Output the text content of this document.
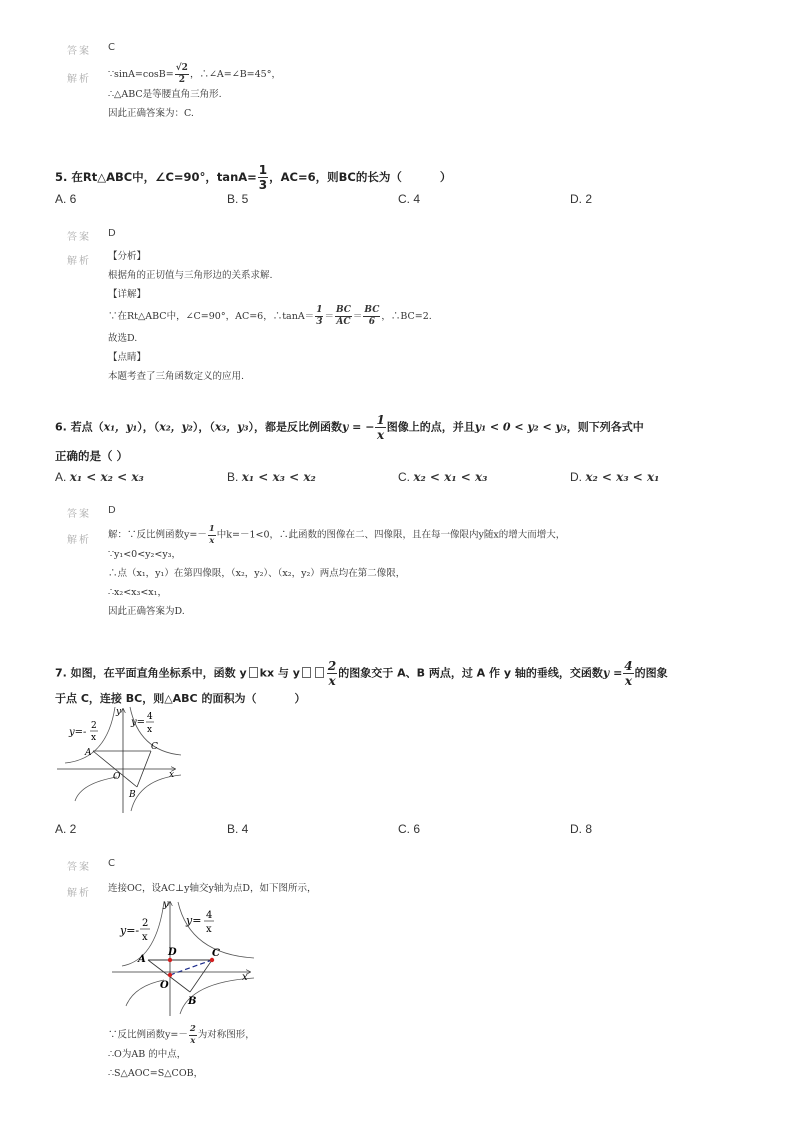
答案 C
解析 ∵sinA=cosB= $\frac{√2}{2}$ ，∴∠A=∠B=45°，
∴△ABC是等腰直角三角形.
因此正确答案为：C.
5. 在Rt△ABC中，∠C=90°，$\tan A= \frac{1}{3}$ ，AC=6，则BC的长为（	）
A. 6	B. 5	C. 4	D. 2
答案 D
解析 【分析】
根据角的正切值与三角形边的关系求解.
【详解】
∵在Rt△ABC中，∠C=90°，AC=6，∴tanA＝ $\frac{1}{3} = \frac{BC}{AC} = \frac{BC}{6}$ ，∴BC=2.
故选D.
【点睛】
本题考查了三角函数定义的应用.
6. 若点（x₁，y₁），（x₂，y₂），（x₃，y₃），都是反比例函数y = − $\frac{1}{x}$ 图像上的点，并且y₁ < 0 < y₂ < y₃，则下列各式中
正确的是（ ）
A. x₁ < x₂ < x₃	B. x₁ < x₃ < x₂	C. x₂ < x₁ < x₃	D. x₂ < x₃ < x₁
答案 D
解析 解：∵反比例函数$y=- \frac{1}{x}$ 中k=－1<0，∴此函数的图像在二、四像限，且在每一像限内y随x的增大而增大，
∵y₁<0<y₂<y₃，
∴点（x₁，y₁）在第四像限，（x₂，y₂）、（x₂，y₂）两点均在第二像限，
∴x₂<x₃<x₁，
因此正确答案为D.
7. 如图，在平面直角坐标系中，函数 y kx 与 y $\frac{2}{x}$ 的图象交于 A、B 两点，过 A 作 y 轴的垂线，交函数$y = \frac{4}{x}$ 的图象
于点 C，连接 BC，则△ABC 的面积为（	）
y=-
2
x
y= 4
x
y
x
O
A
B
C
A. 2	B. 4	C. 6	D. 8
答案 C
解析 连接OC，设AC⊥y轴交y轴为点D，如下图所示，
y=-
2
x
y= 4
x
y
x
O
A
B
C
D
∵反比例函数$y=- \frac{2}{x}$ 为对称图形，
∴O为AB 的中点，
∴S△AOC=S△COB，
